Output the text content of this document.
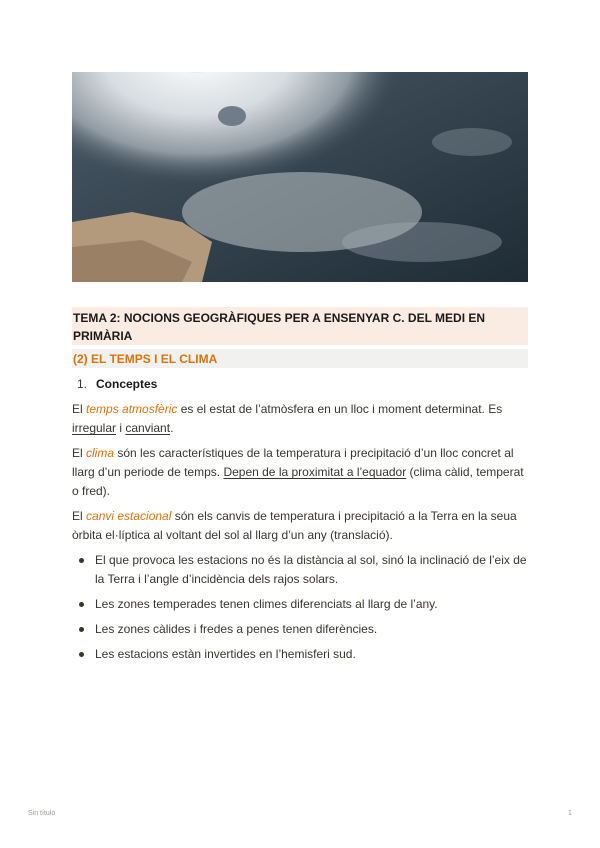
TEMA 2: NOCIONS GEOGRÀFIQUES PER A ENSENYAR C. DEL MEDI EN PRIMÀRIA
(2) EL TEMPS I EL CLIMA
1. Conceptes

El temps atmosfèric es el estat de l’atmòsfera en un lloc i moment determinat. Es irregular i canviant.

El clima són les característiques de la temperatura i precipitació d’un lloc concret al llarg d’un periode de temps. Depen de la proximitat a l’equador (clima càlid, temperat o fred).

El canvi estacional són els canvis de temperatura i precipitació a la Terra en la seua òrbita el·líptica al voltant del sol al llarg d’un any (translació).

El que provoca les estacions no és la distància al sol, sinó la inclinació de l’eix de la Terra i l’angle d’incidència dels rajos solars.
Les zones temperades tenen climes diferenciats al llarg de l’any.
Les zones càlides i fredes a penes tenen diferències.
Les estacions estàn invertides en l’hemisferi sud.
Sin título	1
